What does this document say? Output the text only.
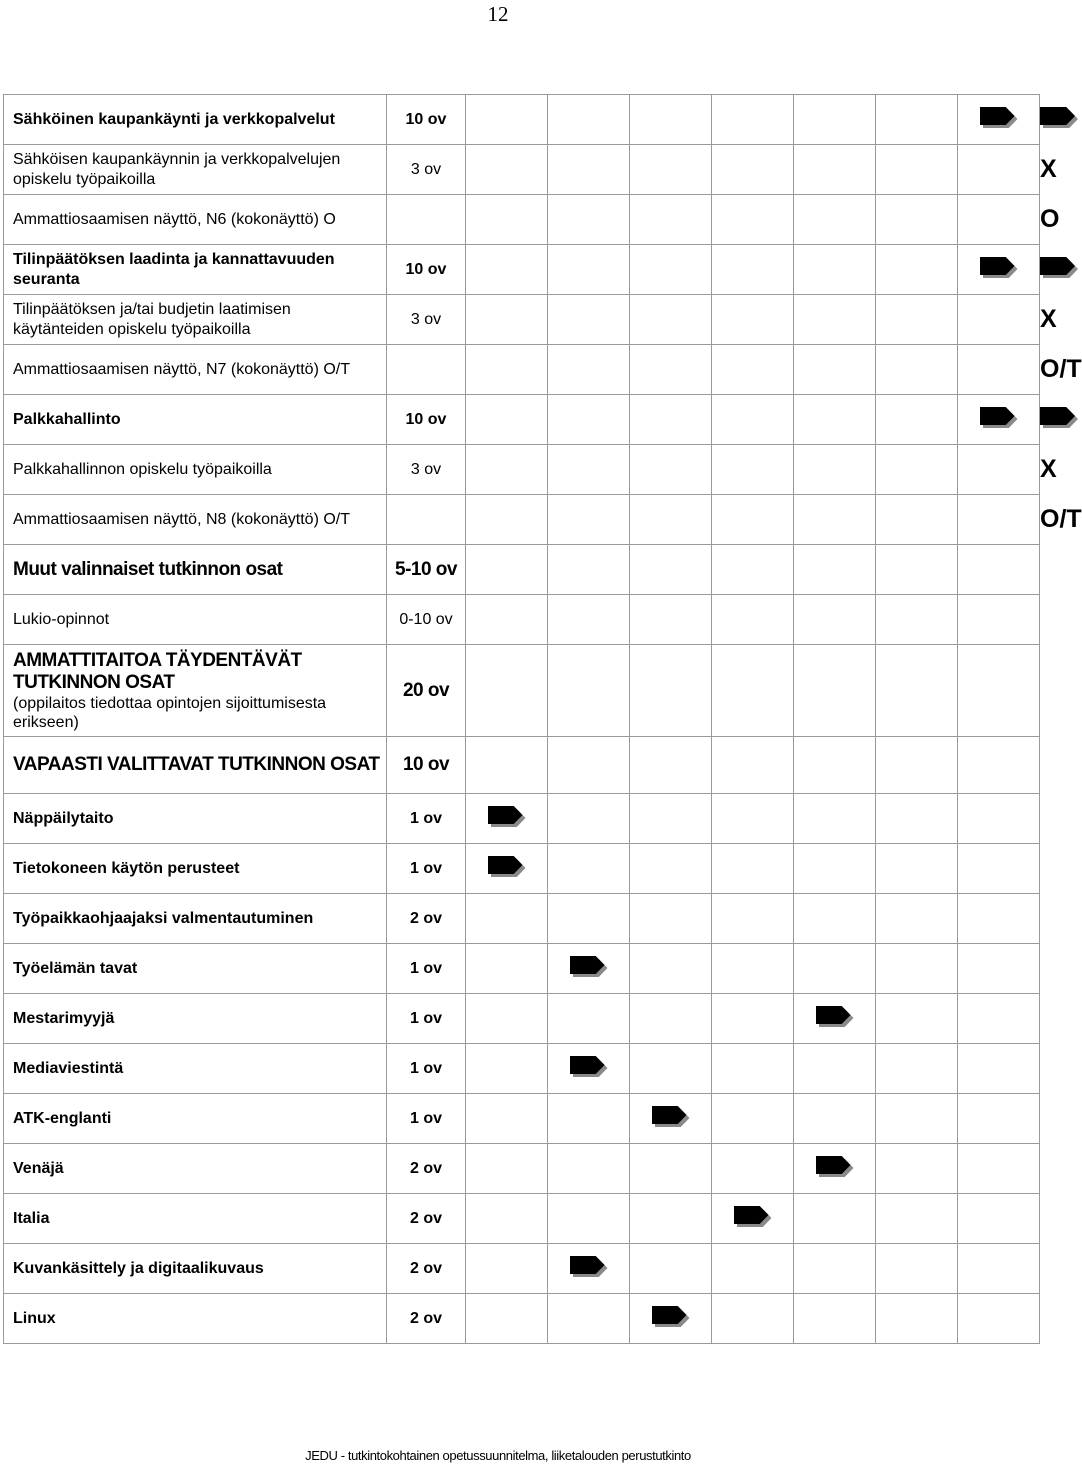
12
Sähköinen kaupankäynti ja verkkopalvelut	10 ov								
Sähköisen kaupankäynnin ja verkkopalvelujen opiskelu työpaikoilla	3 ov								X
Ammattiosaamisen näyttö, N6 (kokonäyttö) O									O
Tilinpäätöksen laadinta ja kannattavuuden seuranta	10 ov								
Tilinpäätöksen ja/tai budjetin laatimisen käytänteiden opiskelu työpaikoilla	3 ov								X
Ammattiosaamisen näyttö, N7 (kokonäyttö) O/T									O/T
Palkkahallinto	10 ov								
Palkkahallinnon opiskelu työpaikoilla	3 ov								X
Ammattiosaamisen näyttö, N8 (kokonäyttö) O/T									O/T
Muut valinnaiset tutkinnon osat	5-10 ov								
Lukio-opinnot	0-10 ov								
AMMATTITAITOA TÄYDENTÄVÄT TUTKINNON OSAT
(oppilaitos tiedottaa opintojen sijoittumisesta erikseen)	20 ov								
VAPAASTI VALITTAVAT TUTKINNON OSAT	10 ov								
Näppäilytaito	1 ov								
Tietokoneen käytön perusteet	1 ov								
Työpaikkaohjaajaksi valmentautuminen	2 ov								
Työelämän tavat	1 ov								
Mestarimyyjä	1 ov								
Mediaviestintä	1 ov								
ATK-englanti	1 ov								
Venäjä	2 ov								
Italia	2 ov								
Kuvankäsittely ja digitaalikuvaus	2 ov								
Linux	2 ov								
JEDU - tutkintokohtainen opetussuunnitelma, liiketalouden perustutkinto
